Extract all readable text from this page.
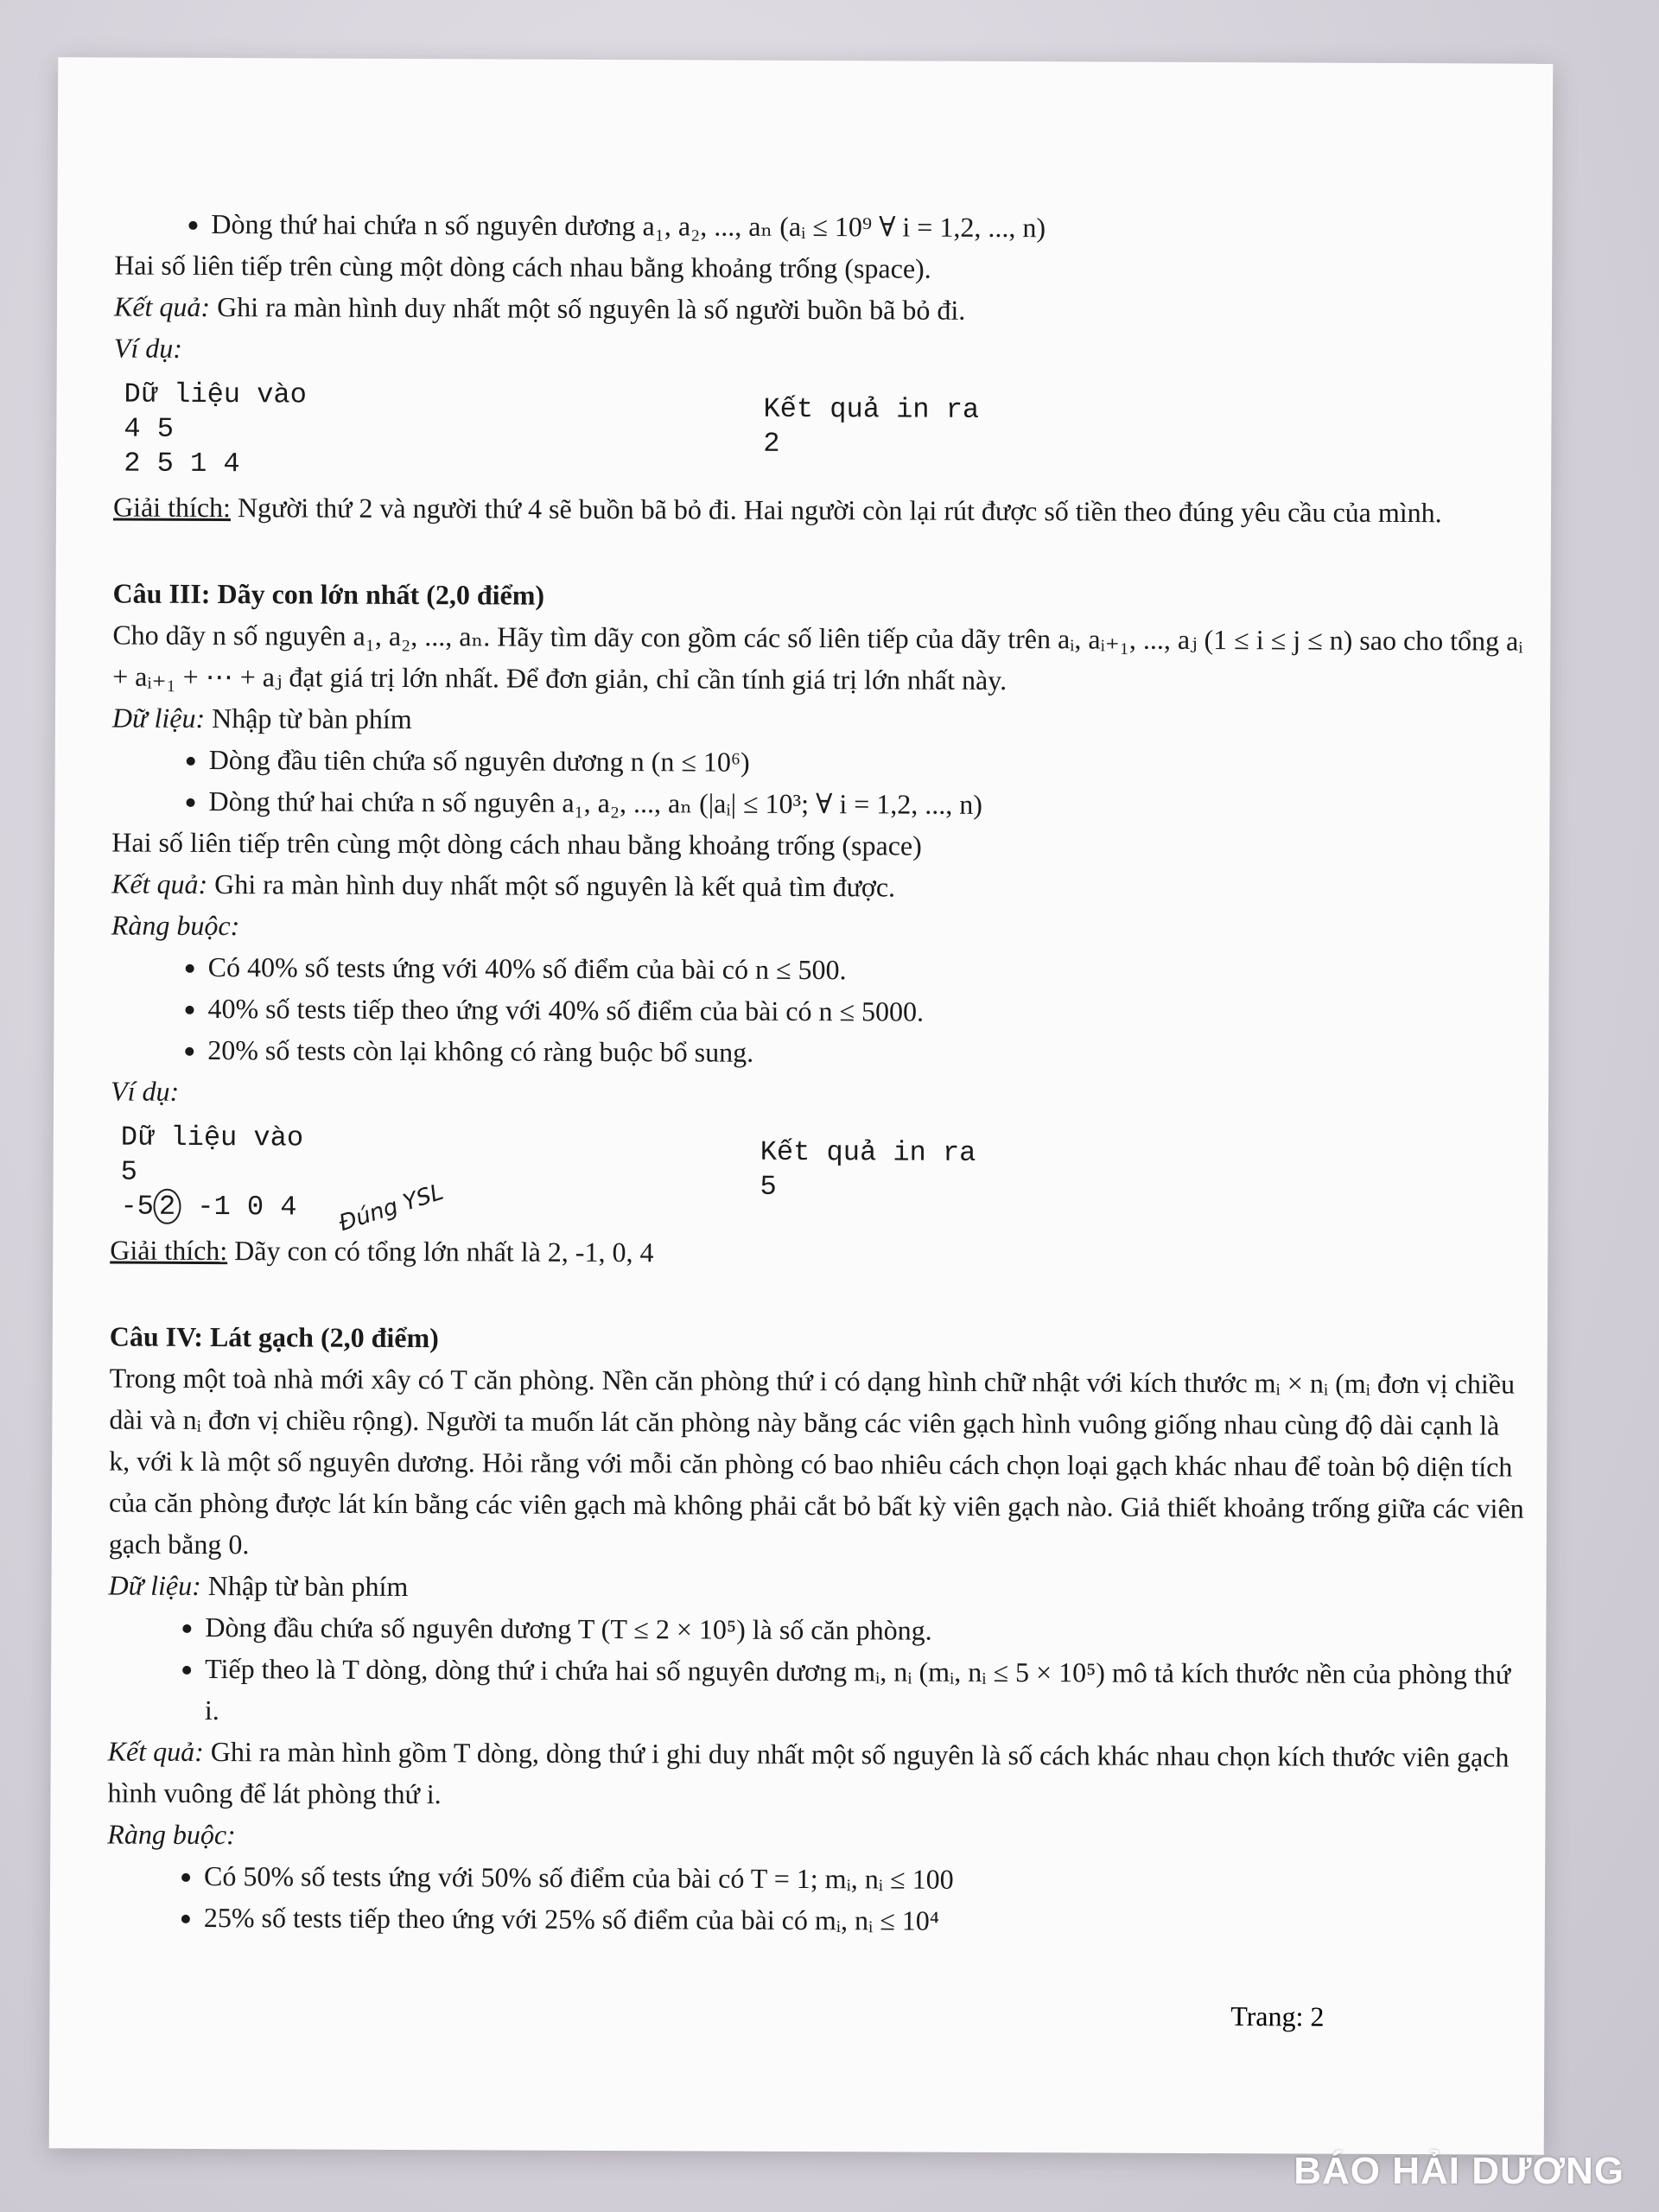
• Dòng thứ hai chứa n số nguyên dương a₁, a₂, ..., aₙ (aᵢ ≤ 10⁹ ∀ i = 1,2, ..., n)

Hai số liên tiếp trên cùng một dòng cách nhau bằng khoảng trống (space).

Kết quả: Ghi ra màn hình duy nhất một số nguyên là số người buồn bã bỏ đi.

Ví dụ:

Dữ liệu vào
4 5
2 5 1 4
Kết quả in ra
2

Giải thích: Người thứ 2 và người thứ 4 sẽ buồn bã bỏ đi. Hai người còn lại rút được số tiền theo đúng yêu cầu của mình.

Câu III: Dãy con lớn nhất (2,0 điểm)

Cho dãy n số nguyên a₁, a₂, ..., aₙ. Hãy tìm dãy con gồm các số liên tiếp của dãy trên aᵢ, aᵢ₊₁, ..., aⱼ (1 ≤ i ≤ j ≤ n) sao cho tổng aᵢ + aᵢ₊₁ + ⋯ + aⱼ đạt giá trị lớn nhất. Để đơn giản, chỉ cần tính giá trị lớn nhất này.

Dữ liệu: Nhập từ bàn phím

• Dòng đầu tiên chứa số nguyên dương n (n ≤ 10⁶)
• Dòng thứ hai chứa n số nguyên a₁, a₂, ..., aₙ (|aᵢ| ≤ 10³; ∀ i = 1,2, ..., n)

Hai số liên tiếp trên cùng một dòng cách nhau bằng khoảng trống (space)

Kết quả: Ghi ra màn hình duy nhất một số nguyên là kết quả tìm được.

Ràng buộc:

• Có 40% số tests ứng với 40% số điểm của bài có n ≤ 500.
• 40% số tests tiếp theo ứng với 40% số điểm của bài có n ≤ 5000.
• 20% số tests còn lại không có ràng buộc bổ sung.

Ví dụ:

Dữ liệu vào
5
-5 2 -1 0 4 Đúng YSL
Kết quả in ra
5

Giải thích: Dãy con có tổng lớn nhất là 2, -1, 0, 4

Câu IV: Lát gạch (2,0 điểm)

Trong một toà nhà mới xây có T căn phòng. Nền căn phòng thứ i có dạng hình chữ nhật với kích thước mᵢ × nᵢ (mᵢ đơn vị chiều dài và nᵢ đơn vị chiều rộng). Người ta muốn lát căn phòng này bằng các viên gạch hình vuông giống nhau cùng độ dài cạnh là k, với k là một số nguyên dương. Hỏi rằng với mỗi căn phòng có bao nhiêu cách chọn loại gạch khác nhau để toàn bộ diện tích của căn phòng được lát kín bằng các viên gạch mà không phải cắt bỏ bất kỳ viên gạch nào. Giả thiết khoảng trống giữa các viên gạch bằng 0.

Dữ liệu: Nhập từ bàn phím

• Dòng đầu chứa số nguyên dương T (T ≤ 2 × 10⁵) là số căn phòng.
• Tiếp theo là T dòng, dòng thứ i chứa hai số nguyên dương mᵢ, nᵢ (mᵢ, nᵢ ≤ 5 × 10⁵) mô tả kích thước nền của phòng thứ i.

Kết quả: Ghi ra màn hình gồm T dòng, dòng thứ i ghi duy nhất một số nguyên là số cách khác nhau chọn kích thước viên gạch hình vuông để lát phòng thứ i.

Ràng buộc:

• Có 50% số tests ứng với 50% số điểm của bài có T = 1; mᵢ, nᵢ ≤ 100
• 25% số tests tiếp theo ứng với 25% số điểm của bài có mᵢ, nᵢ ≤ 10⁴
Trang: 2
BÁO HẢI DƯƠNG
